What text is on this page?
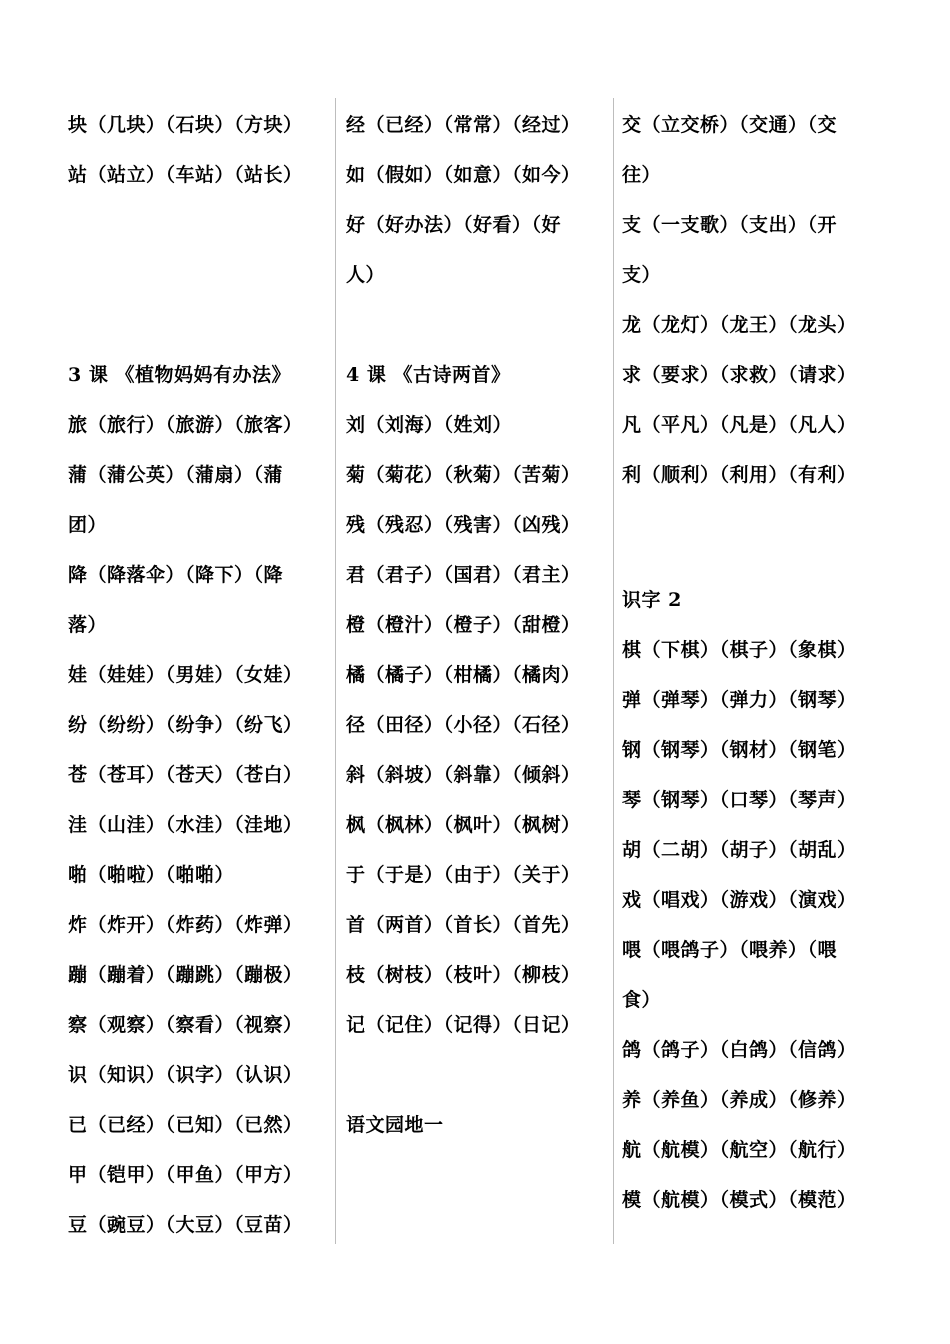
块（几块）（石块）（方块）
站（站立）（车站）（站长）
3 课 《植物妈妈有办法》
旅（旅行）（旅游）（旅客）
蒲（蒲公英）（蒲扇）（蒲
团）
降（降落伞）（降下）（降
落）
娃（娃娃）（男娃）（女娃）
纷（纷纷）（纷争）（纷飞）
苍（苍耳）（苍天）（苍白）
洼（山洼）（水洼）（洼地）
啪（啪啦）（啪啪）
炸（炸开）（炸药）（炸弹）
蹦（蹦着）（蹦跳）（蹦极）
察（观察）（察看）（视察）
识（知识）（识字）（认识）
已（已经）（已知）（已然）
甲（铠甲）（甲鱼）（甲方）
豆（豌豆）（大豆）（豆苗）
经（已经）（常常）（经过）
如（假如）（如意）（如今）
好（好办法）（好看）（好
人）
4 课 《古诗两首》
刘（刘海）（姓刘）
菊（菊花）（秋菊）（苦菊）
残（残忍）（残害）（凶残）
君（君子）（国君）（君主）
橙（橙汁）（橙子）（甜橙）
橘（橘子）（柑橘）（橘肉）
径（田径）（小径）（石径）
斜（斜坡）（斜靠）（倾斜）
枫（枫林）（枫叶）（枫树）
于（于是）（由于）（关于）
首（两首）（首长）（首先）
枝（树枝）（枝叶）（柳枝）
记（记住）（记得）（日记）
语文园地一
交（立交桥）（交通）（交
往）
支（一支歌）（支出）（开
支）
龙（龙灯）（龙王）（龙头）
求（要求）（求救）（请求）
凡（平凡）（凡是）（凡人）
利（顺利）（利用）（有利）
识字 2
棋（下棋）（棋子）（象棋）
弹（弹琴）（弹力）（钢琴）
钢（钢琴）（钢材）（钢笔）
琴（钢琴）（口琴）（琴声）
胡（二胡）（胡子）（胡乱）
戏（唱戏）（游戏）（演戏）
喂（喂鸽子）（喂养）（喂
食）
鸽（鸽子）（白鸽）（信鸽）
养（养鱼）（养成）（修养）
航（航模）（航空）（航行）
模（航模）（模式）（模范）
